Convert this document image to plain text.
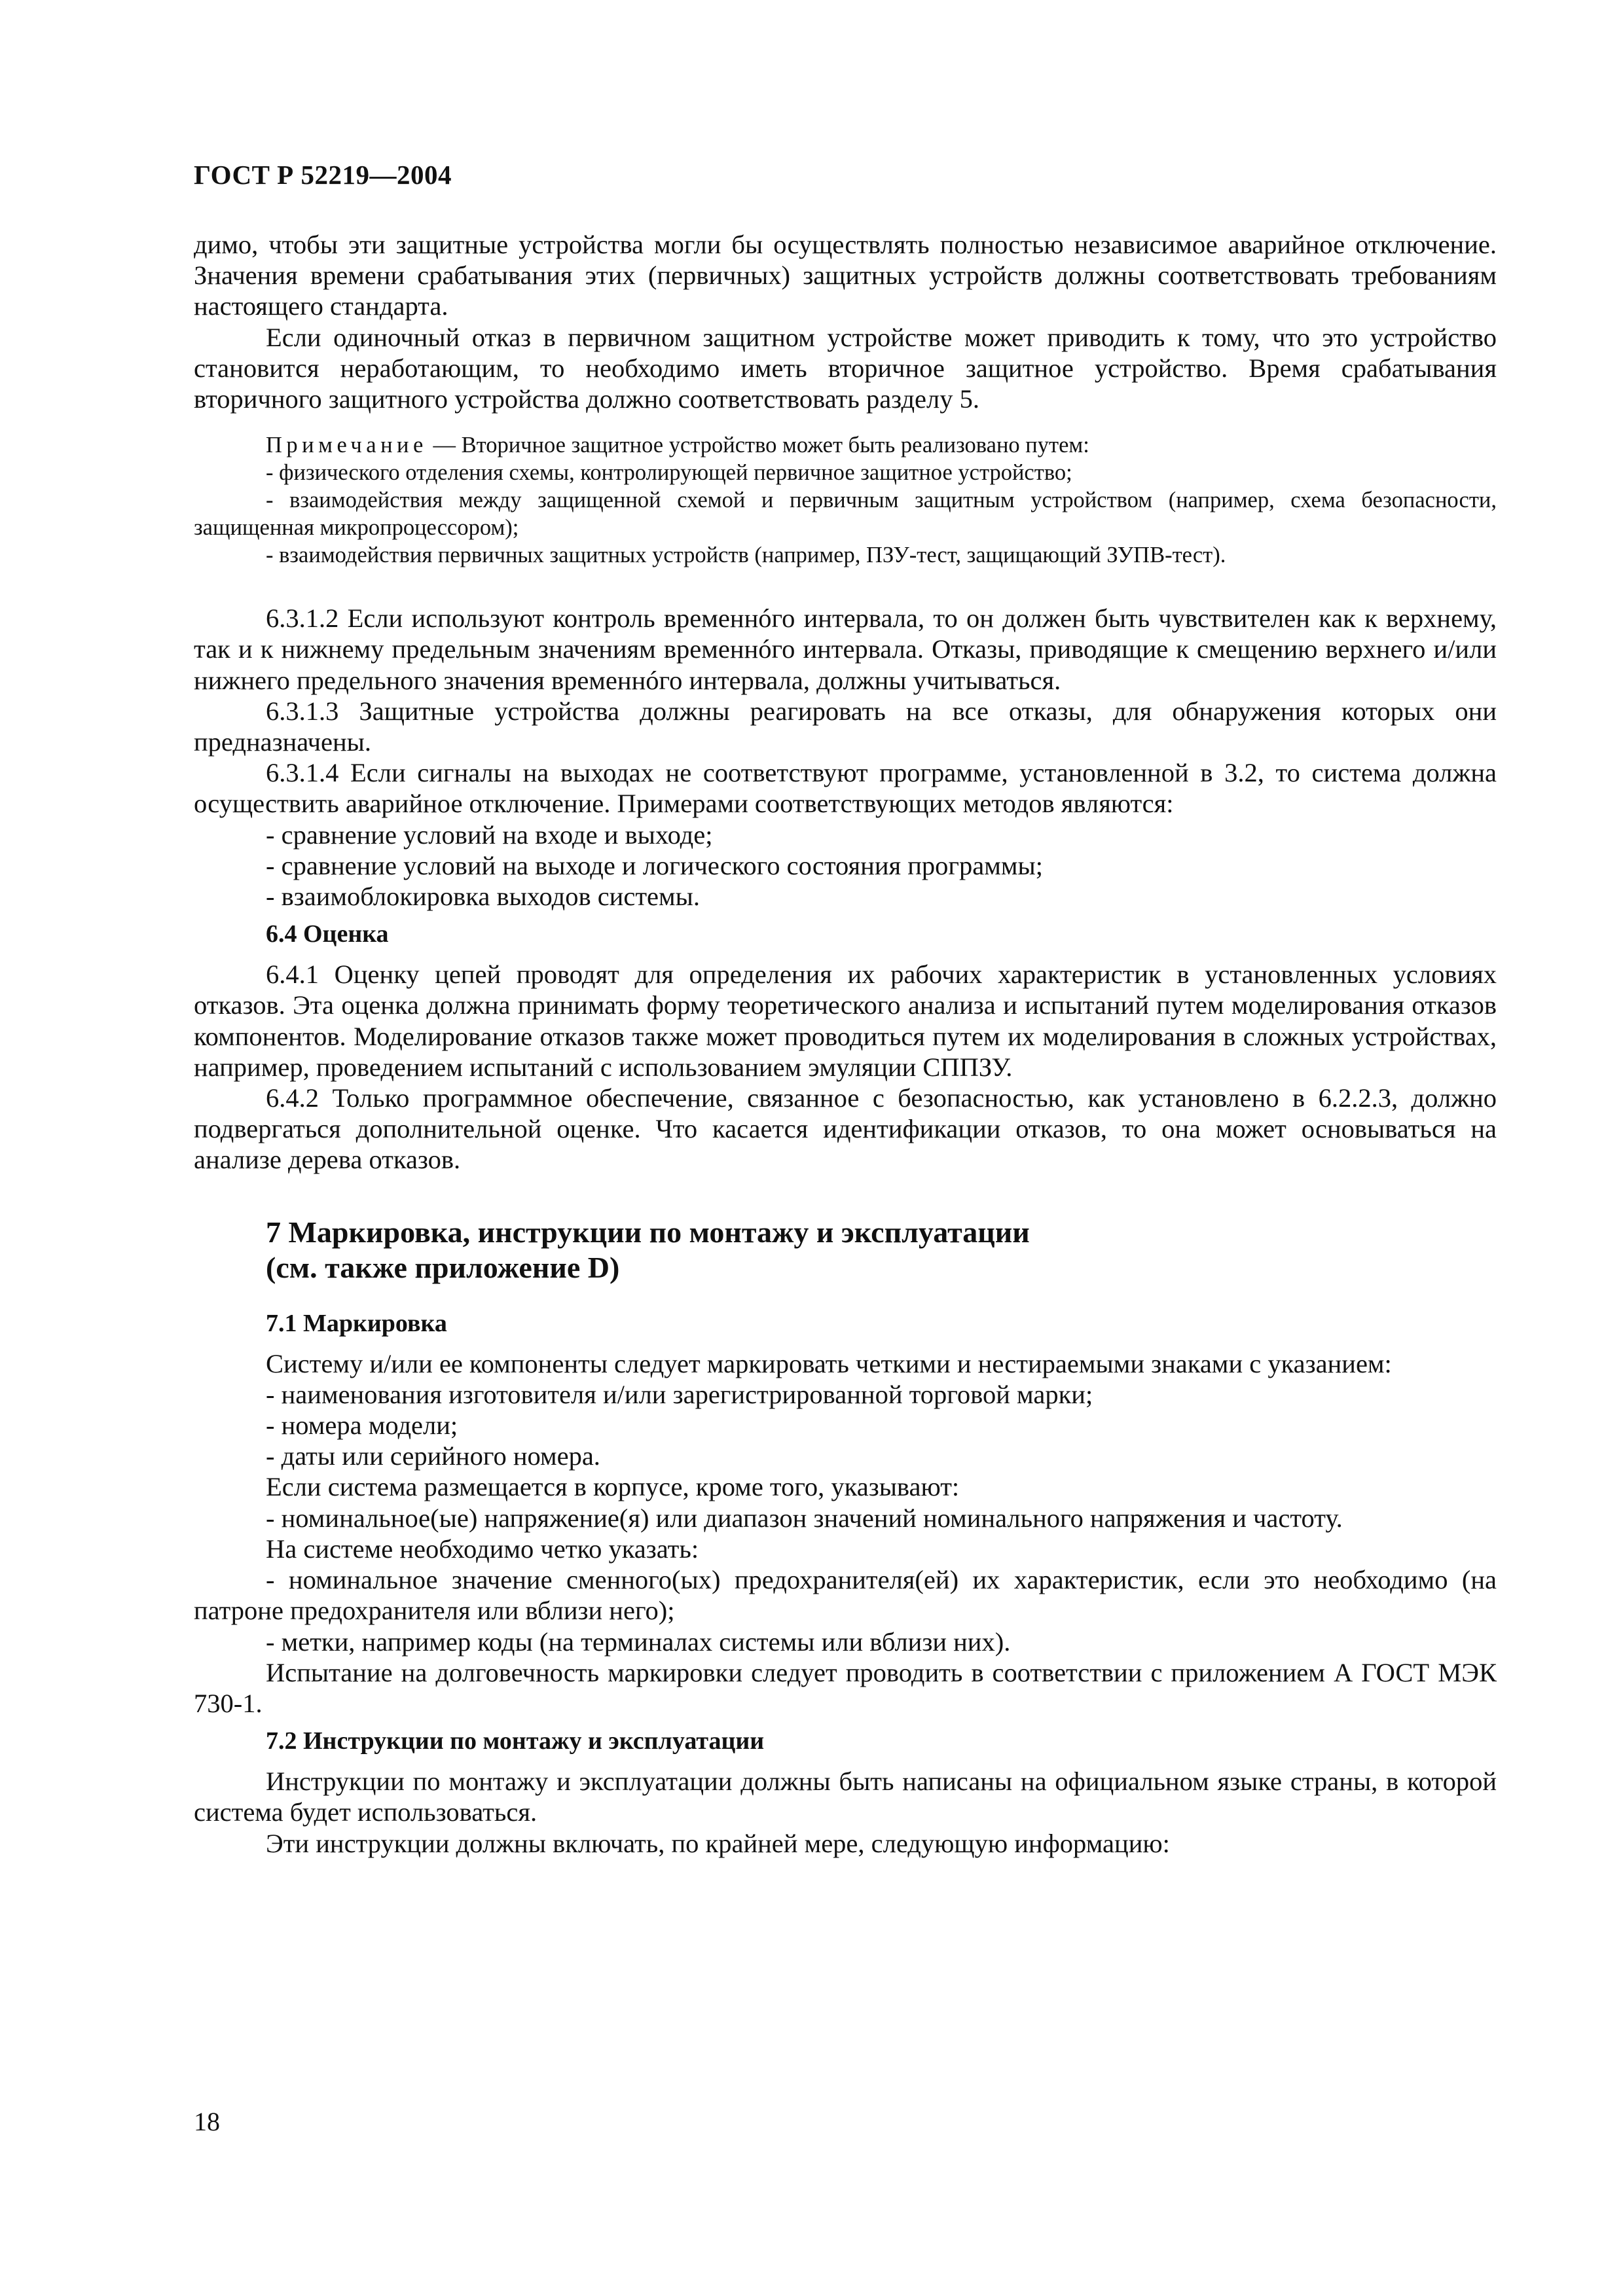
ГОСТ Р 52219—2004

димо, чтобы эти защитные устройства могли бы осуществлять полностью независимое аварийное отключение. Значения времени срабатывания этих (первичных) защитных устройств должны соответствовать требованиям настоящего стандарта.

Если одиночный отказ в первичном защитном устройстве может приводить к тому, что это устройство становится неработающим, то необходимо иметь вторичное защитное устройство. Время срабатывания вторичного защитного устройства должно соответствовать разделу 5.

Примечание — Вторичное защитное устройство может быть реализовано путем:

- физического отделения схемы, контролирующей первичное защитное устройство;

- взаимодействия между защищенной схемой и первичным защитным устройством (например, схема безопасности, защищенная микропроцессором);

- взаимодействия первичных защитных устройств (например, ПЗУ-тест, защищающий ЗУПВ-тест).

6.3.1.2 Если используют контроль временнóго интервала, то он должен быть чувствителен как к верхнему, так и к нижнему предельным значениям временнóго интервала. Отказы, приводящие к смещению верхнего и/или нижнего предельного значения временнóго интервала, должны учитываться.

6.3.1.3 Защитные устройства должны реагировать на все отказы, для обнаружения которых они предназначены.

6.3.1.4 Если сигналы на выходах не соответствуют программе, установленной в 3.2, то система должна осуществить аварийное отключение. Примерами соответствующих методов являются:

- сравнение условий на входе и выходе;

- сравнение условий на выходе и логического состояния программы;

- взаимоблокировка выходов системы.

6.4 Оценка

6.4.1 Оценку цепей проводят для определения их рабочих характеристик в установленных условиях отказов. Эта оценка должна принимать форму теоретического анализа и испытаний путем моделирования отказов компонентов. Моделирование отказов также может проводиться путем их моделирования в сложных устройствах, например, проведением испытаний с использованием эмуляции СППЗУ.

6.4.2 Только программное обеспечение, связанное с безопасностью, как установлено в 6.2.2.3, должно подвергаться дополнительной оценке. Что касается идентификации отказов, то она может основываться на анализе дерева отказов.

7 Маркировка, инструкции по монтажу и эксплуатации
(см. также приложение D)
7.1 Маркировка

Систему и/или ее компоненты следует маркировать четкими и нестираемыми знаками с указанием:

- наименования изготовителя и/или зарегистрированной торговой марки;

- номера модели;

- даты или серийного номера.

Если система размещается в корпусе, кроме того, указывают:

- номинальное(ые) напряжение(я) или диапазон значений номинального напряжения и частоту.

На системе необходимо четко указать:

- номинальное значение сменного(ых) предохранителя(ей) их характеристик, если это необходимо (на патроне предохранителя или вблизи него);

- метки, например коды (на терминалах системы или вблизи них).

Испытание на долговечность маркировки следует проводить в соответствии с приложением А ГОСТ МЭК 730-1.

7.2 Инструкции по монтажу и эксплуатации

Инструкции по монтажу и эксплуатации должны быть написаны на официальном языке страны, в которой система будет использоваться.

Эти инструкции должны включать, по крайней мере, следующую информацию:

18
